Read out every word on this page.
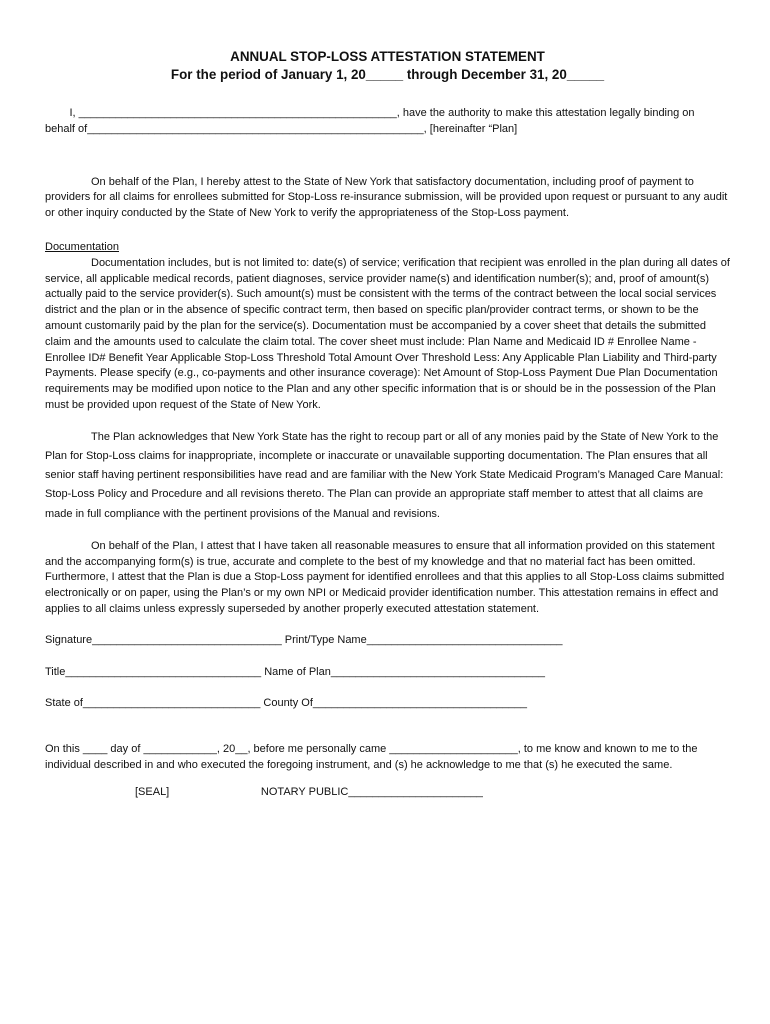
ANNUAL STOP-LOSS ATTESTATION STATEMENT

For the period of January 1, 20_____ through December 31, 20_____

I, ____________________________________________________, have the authority to make this attestation legally binding on

behalf of_______________________________________________________, [hereinafter “Plan]

On behalf of the Plan, I hereby attest to the State of New York that satisfactory documentation, including proof of payment to providers for all claims for enrollees submitted for Stop-Loss re-insurance submission, will be provided upon request or pursuant to any audit or other inquiry conducted by the State of New York to verify the appropriateness of the Stop-Loss payment.

Documentation

Documentation includes, but is not limited to: date(s) of service; verification that recipient was enrolled in the plan during all dates of service, all applicable medical records, patient diagnoses, service provider name(s) and identification number(s); and, proof of amount(s) actually paid to the service provider(s). Such amount(s) must be consistent with the terms of the contract between the local social services district and the plan or in the absence of specific contract term, then based on specific plan/provider contract terms, or shown to be the amount customarily paid by the plan for the service(s). Documentation must be accompanied by a cover sheet that details the submitted claim and the amounts used to calculate the claim total. The cover sheet must include: Plan Name and Medicaid ID # Enrollee Name - Enrollee ID# Benefit Year Applicable Stop-Loss Threshold Total Amount Over Threshold Less: Any Applicable Plan Liability and Third-party Payments. Please specify (e.g., co-payments and other insurance coverage): Net Amount of Stop-Loss Payment Due Plan Documentation requirements may be modified upon notice to the Plan and any other specific information that is or should be in the possession of the Plan must be provided upon request of the State of New York.

The Plan acknowledges that New York State has the right to recoup part or all of any monies paid by the State of New York to the Plan for Stop-Loss claims for inappropriate, incomplete or inaccurate or unavailable supporting documentation. The Plan ensures that all senior staff having pertinent responsibilities have read and are familiar with the New York State Medicaid Program’s Managed Care Manual: Stop-Loss Policy and Procedure and all revisions thereto. The Plan can provide an appropriate staff member to attest that all claims are made in full compliance with the pertinent provisions of the Manual and revisions.

On behalf of the Plan, I attest that I have taken all reasonable measures to ensure that all information provided on this statement and the accompanying form(s) is true, accurate and complete to the best of my knowledge and that no material fact has been omitted. Furthermore, I attest that the Plan is due a Stop-Loss payment for identified enrollees and that this applies to all Stop-Loss claims submitted electronically or on paper, using the Plan’s or my own NPI or Medicaid provider identification number. This attestation remains in effect and applies to all claims unless expressly superseded by another properly executed attestation statement.

Signature_______________________________ Print/Type Name________________________________

Title________________________________ Name of Plan___________________________________

State of_____________________________ County Of___________________________________

On this ____ day of ____________, 20__, before me personally came _____________________, to me know and known to me to the individual described in and who executed the foregoing instrument, and (s) he acknowledge to me that (s) he executed the same.

[SEAL]                              NOTARY PUBLIC______________________
